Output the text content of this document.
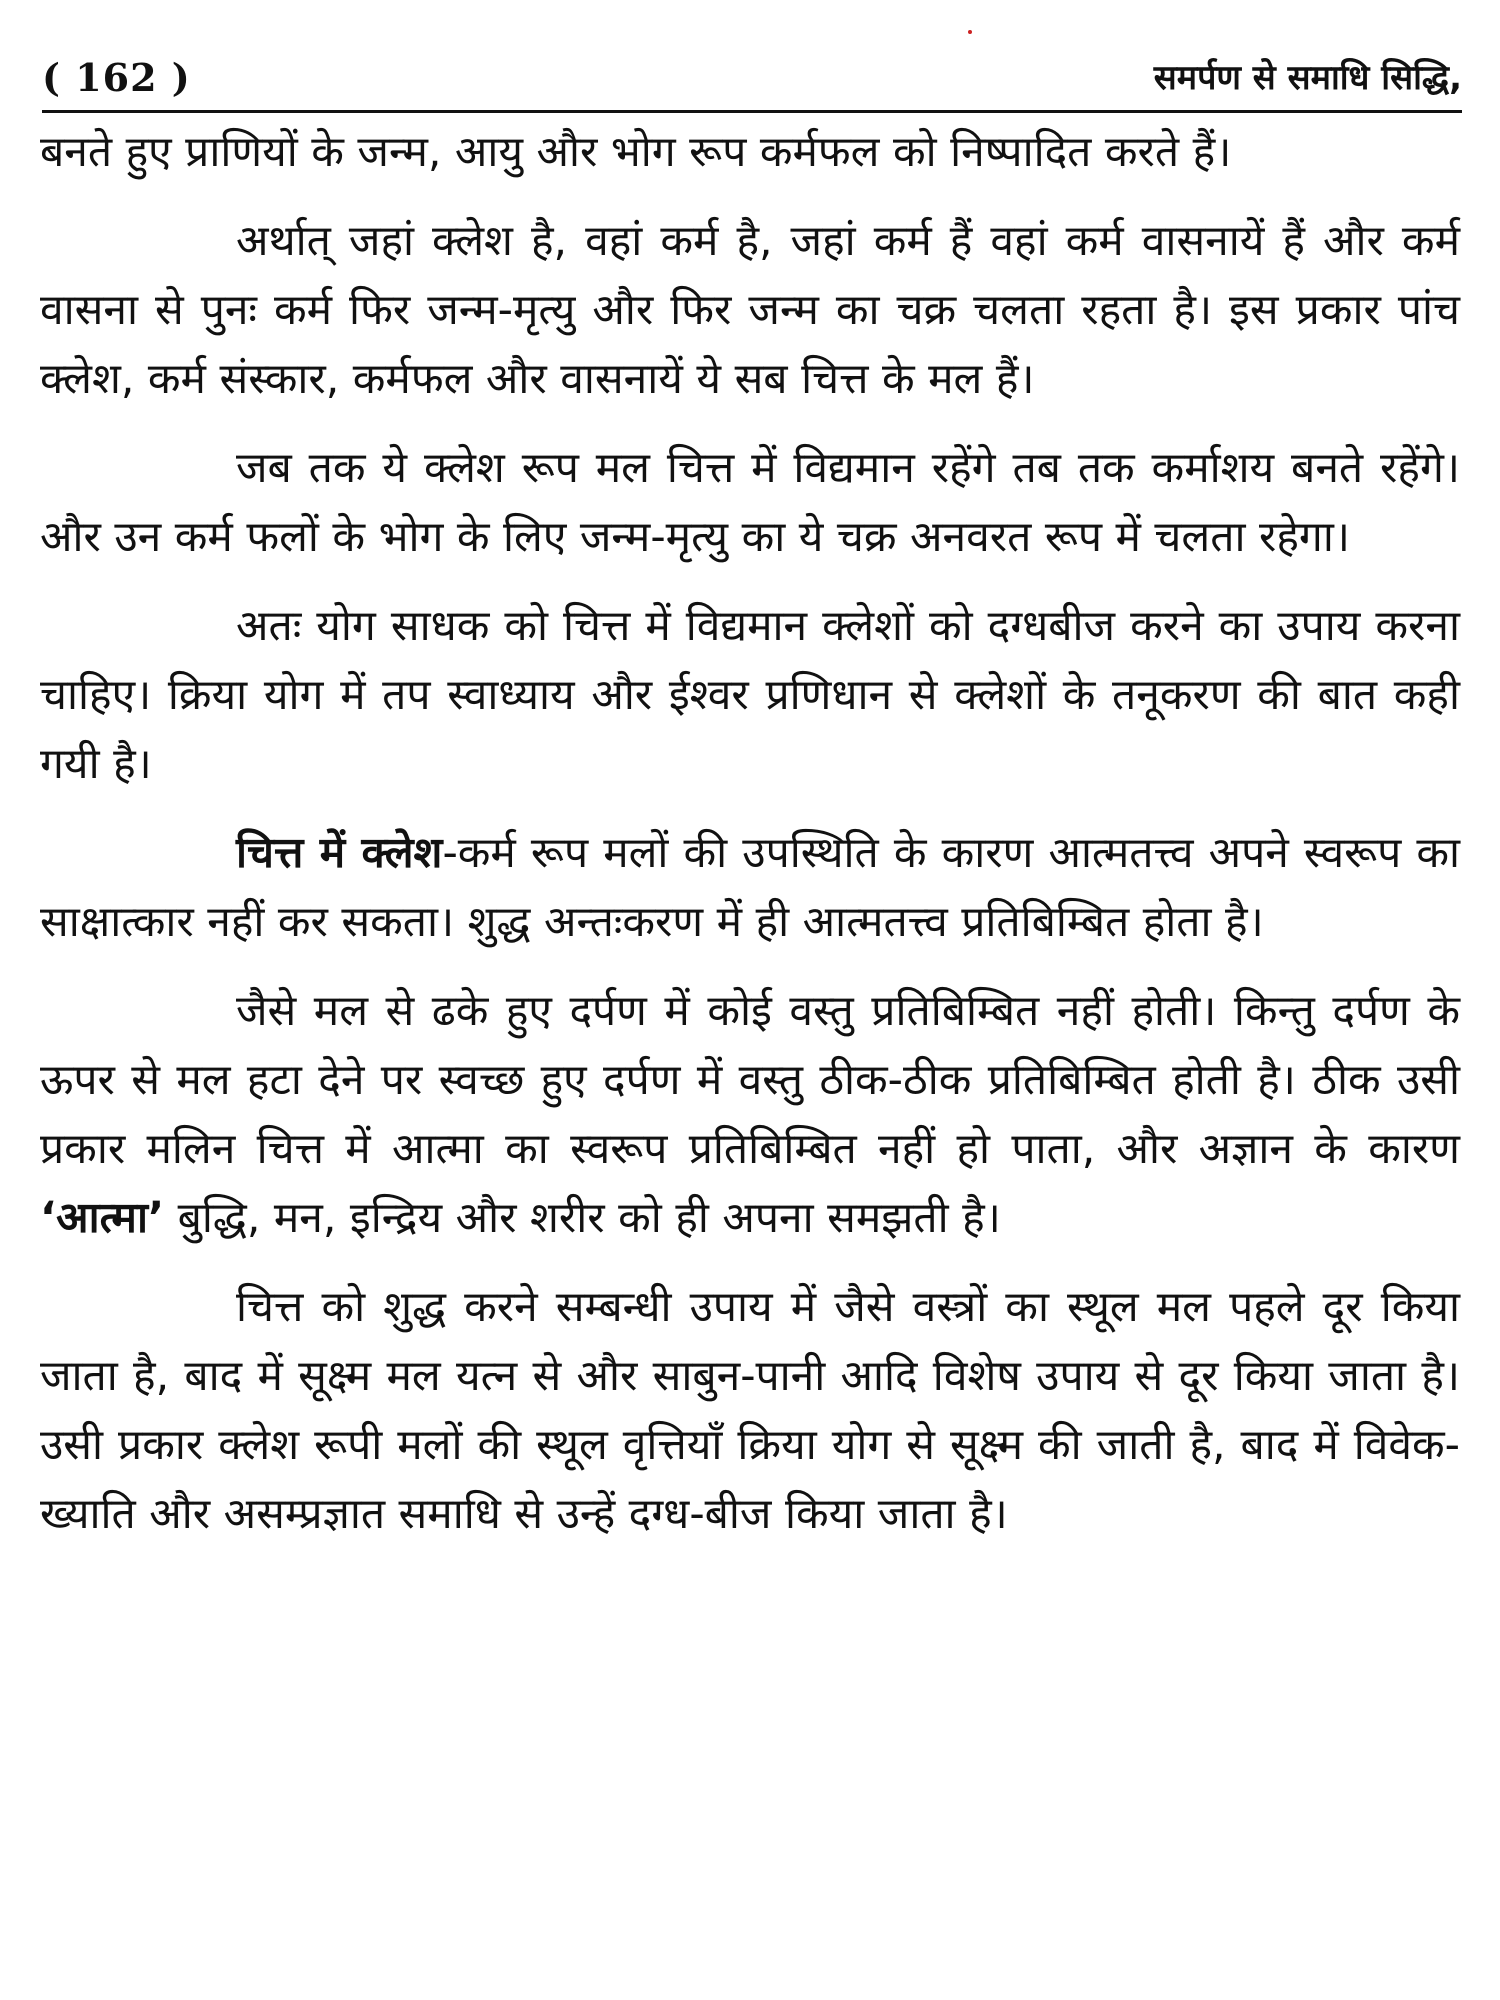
( 162 )	समर्पण से समाधि सिद्धि,

बनते हुए प्राणियों के जन्म, आयु और भोग रूप कर्मफल को निष्पादित करते हैं।

अर्थात् जहां क्लेश है, वहां कर्म है, जहां कर्म हैं वहां कर्म वासनायें हैं और कर्म वासना से पुनः कर्म फिर जन्म-मृत्यु और फिर जन्म का चक्र चलता रहता है। इस प्रकार पांच क्लेश, कर्म संस्कार, कर्मफल और वासनायें ये सब चित्त के मल हैं।

जब तक ये क्लेश रूप मल चित्त में विद्यमान रहेंगे तब तक कर्माशय बनते रहेंगे। और उन कर्म फलों के भोग के लिए जन्म-मृत्यु का ये चक्र अनवरत रूप में चलता रहेगा।

अतः योग साधक को चित्त में विद्यमान क्लेशों को दग्धबीज करने का उपाय करना चाहिए। क्रिया योग में तप स्वाध्याय और ईश्वर प्रणिधान से क्लेशों के तनूकरण की बात कही गयी है।

चित्त में क्लेश-कर्म रूप मलों की उपस्थिति के कारण आत्मतत्त्व अपने स्वरूप का साक्षात्कार नहीं कर सकता। शुद्ध अन्तःकरण में ही आत्मतत्त्व प्रतिबिम्बित होता है।

जैसे मल से ढके हुए दर्पण में कोई वस्तु प्रतिबिम्बित नहीं होती। किन्तु दर्पण के ऊपर से मल हटा देने पर स्वच्छ हुए दर्पण में वस्तु ठीक-ठीक प्रतिबिम्बित होती है। ठीक उसी प्रकार मलिन चित्त में आत्मा का स्वरूप प्रतिबिम्बित नहीं हो पाता, और अज्ञान के कारण ‘आत्मा’ बुद्धि, मन, इन्द्रिय और शरीर को ही अपना समझती है।

चित्त को शुद्ध करने सम्बन्धी उपाय में जैसे वस्त्रों का स्थूल मल पहले दूर किया जाता है, बाद में सूक्ष्म मल यत्न से और साबुन-पानी आदि विशेष उपाय से दूर किया जाता है। उसी प्रकार क्लेश रूपी मलों की स्थूल वृत्तियाँ क्रिया योग से सूक्ष्म की जाती है, बाद में विवेक-ख्याति और असम्प्रज्ञात समाधि से उन्हें दग्ध-बीज किया जाता है।
